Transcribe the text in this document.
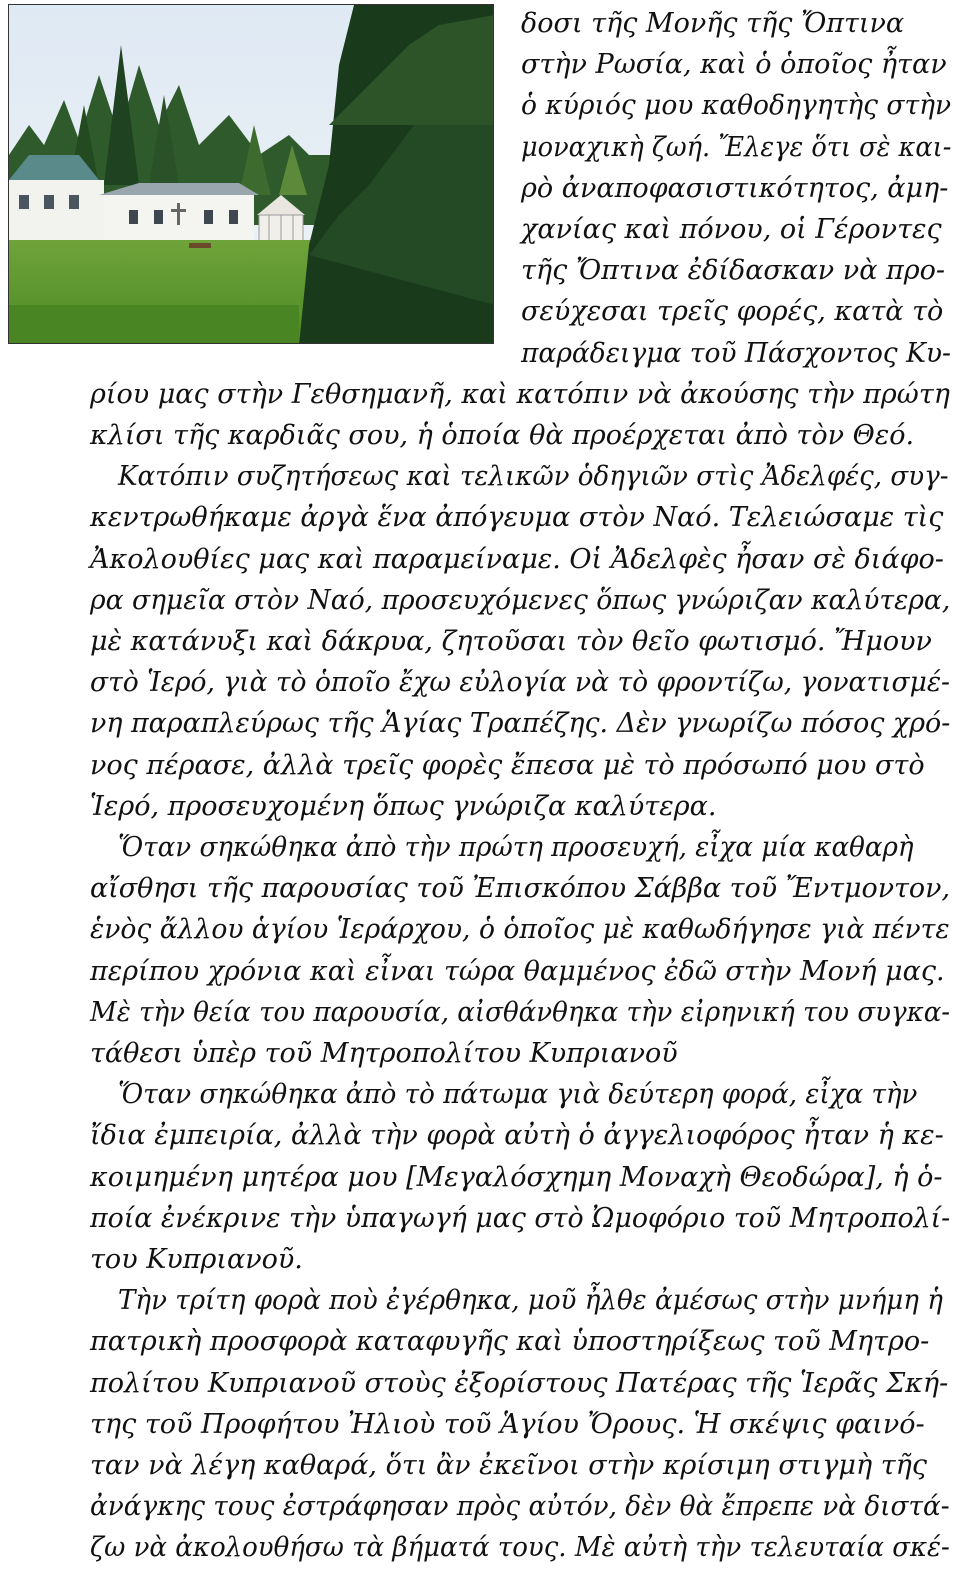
δοσι τῆς Μονῆς τῆς Ὄπτινα
στὴν Ρωσία, καὶ ὁ ὁποῖος ἦταν
ὁ κύριός μου καθοδηγητὴς στὴν
μοναχικὴ ζωή. Ἔλεγε ὅτι σὲ και-
ρὸ ἀναποφασιστικότητος, ἀμη-
χανίας καὶ πόνου, οἱ Γέροντες
τῆς Ὄπτινα ἐδίδασκαν νὰ προ-
σεύχεσαι τρεῖς φορές, κατὰ τὸ
παράδειγμα τοῦ Πάσχοντος Κυ-
ρίου μας στὴν Γεθσημανῆ, καὶ κατόπιν νὰ ἀκούσης τὴν πρώτη
κλίσι τῆς καρδιᾶς σου, ἡ ὁποία θὰ προέρχεται ἀπὸ τὸν Θεό.
Κατόπιν συζητήσεως καὶ τελικῶν ὁδηγιῶν στὶς Ἀδελφές, συγ-
κεντρωθήκαμε ἀργὰ ἕνα ἀπόγευμα στὸν Ναό. Τελειώσαμε τὶς
Ἀκολουθίες μας καὶ παραμείναμε. Οἱ Ἀδελφὲς ἦσαν σὲ διάφο-
ρα σημεῖα στὸν Ναό, προσευχόμενες ὅπως γνώριζαν καλύτερα,
μὲ κατάνυξι καὶ δάκρυα, ζητοῦσαι τὸν θεῖο φωτισμό. Ἤμουν
στὸ Ἱερό, γιὰ τὸ ὁποῖο ἔχω εὐλογία νὰ τὸ φροντίζω, γονατισμέ-
νη παραπλεύρως τῆς Ἁγίας Τραπέζης. Δὲν γνωρίζω πόσος χρό-
νος πέρασε, ἀλλὰ τρεῖς φορὲς ἔπεσα μὲ τὸ πρόσωπό μου στὸ
Ἱερό, προσευχομένη ὅπως γνώριζα καλύτερα.
Ὅταν σηκώθηκα ἀπὸ τὴν πρώτη προσευχή, εἶχα μία καθαρὴ
αἴσθησι τῆς παρουσίας τοῦ Ἐπισκόπου Σάββα τοῦ Ἔντμοντον,
ἑνὸς ἄλλου ἁγίου Ἱεράρχου, ὁ ὁποῖος μὲ καθωδήγησε γιὰ πέντε
περίπου χρόνια καὶ εἶναι τώρα θαμμένος ἐδῶ στὴν Μονή μας.
Μὲ τὴν θεία του παρουσία, αἰσθάνθηκα τὴν εἰρηνική του συγκα-
τάθεσι ὑπὲρ τοῦ Μητροπολίτου Κυπριανοῦ
Ὅταν σηκώθηκα ἀπὸ τὸ πάτωμα γιὰ δεύτερη φορά, εἶχα τὴν
ἴδια ἐμπειρία, ἀλλὰ τὴν φορὰ αὐτὴ ὁ ἀγγελιοφόρος ἦταν ἡ κε-
κοιμημένη μητέρα μου [Μεγαλόσχημη Μοναχὴ Θεοδώρα], ἡ ὁ-
ποία ἐνέκρινε τὴν ὑπαγωγή μας στὸ Ὠμοφόριο τοῦ Μητροπολί-
του Κυπριανοῦ.
Τὴν τρίτη φορὰ ποὺ ἐγέρθηκα, μοῦ ἦλθε ἀμέσως στὴν μνήμη ἡ
πατρικὴ προσφορὰ καταφυγῆς καὶ ὑποστηρίξεως τοῦ Μητρο-
πολίτου Κυπριανοῦ στοὺς ἐξορίστους Πατέρας τῆς Ἱερᾶς Σκή-
της τοῦ Προφήτου Ἠλιοὺ τοῦ Ἁγίου Ὄρους. Ἡ σκέψις φαινό-
ταν νὰ λέγη καθαρά, ὅτι ἂν ἐκεῖνοι στὴν κρίσιμη στιγμὴ τῆς
ἀνάγκης τους ἐστράφησαν πρὸς αὐτόν, δὲν θὰ ἔπρεπε νὰ διστά-
ζω νὰ ἀκολουθήσω τὰ βήματά τους. Μὲ αὐτὴ τὴν τελευταία σκέ-
